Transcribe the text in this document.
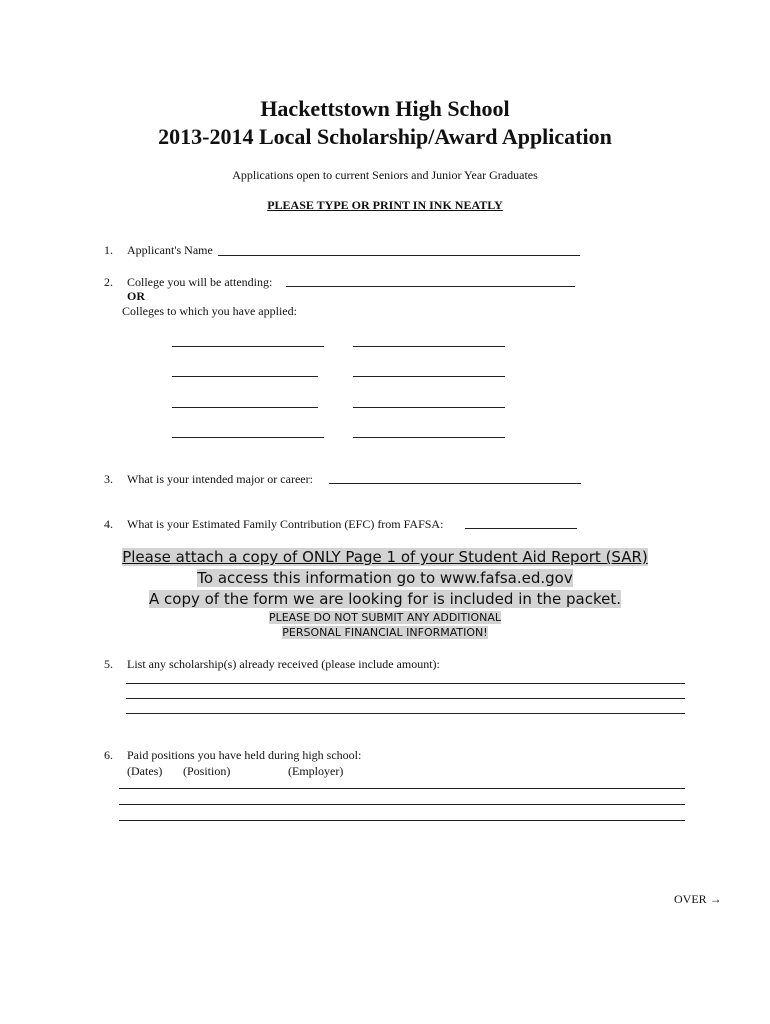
Hackettstown High School
2013-2014 Local Scholarship/Award Application
Applications open to current Seniors and Junior Year Graduates
PLEASE TYPE OR PRINT IN INK NEATLY
1. Applicant's Name
2. College you will be attending:
OR
Colleges to which you have applied:
3. What is your intended major or career:
4. What is your Estimated Family Contribution (EFC) from FAFSA:
Please attach a copy of ONLY Page 1 of your Student Aid Report (SAR)
To access this information go to www.fafsa.ed.gov
A copy of the form we are looking for is included in the packet.
PLEASE DO NOT SUBMIT ANY ADDITIONAL
PERSONAL FINANCIAL INFORMATION!
5. List any scholarship(s) already received (please include amount):
6. Paid positions you have held during high school:
(Dates) (Position)	(Employer)
OVER →
